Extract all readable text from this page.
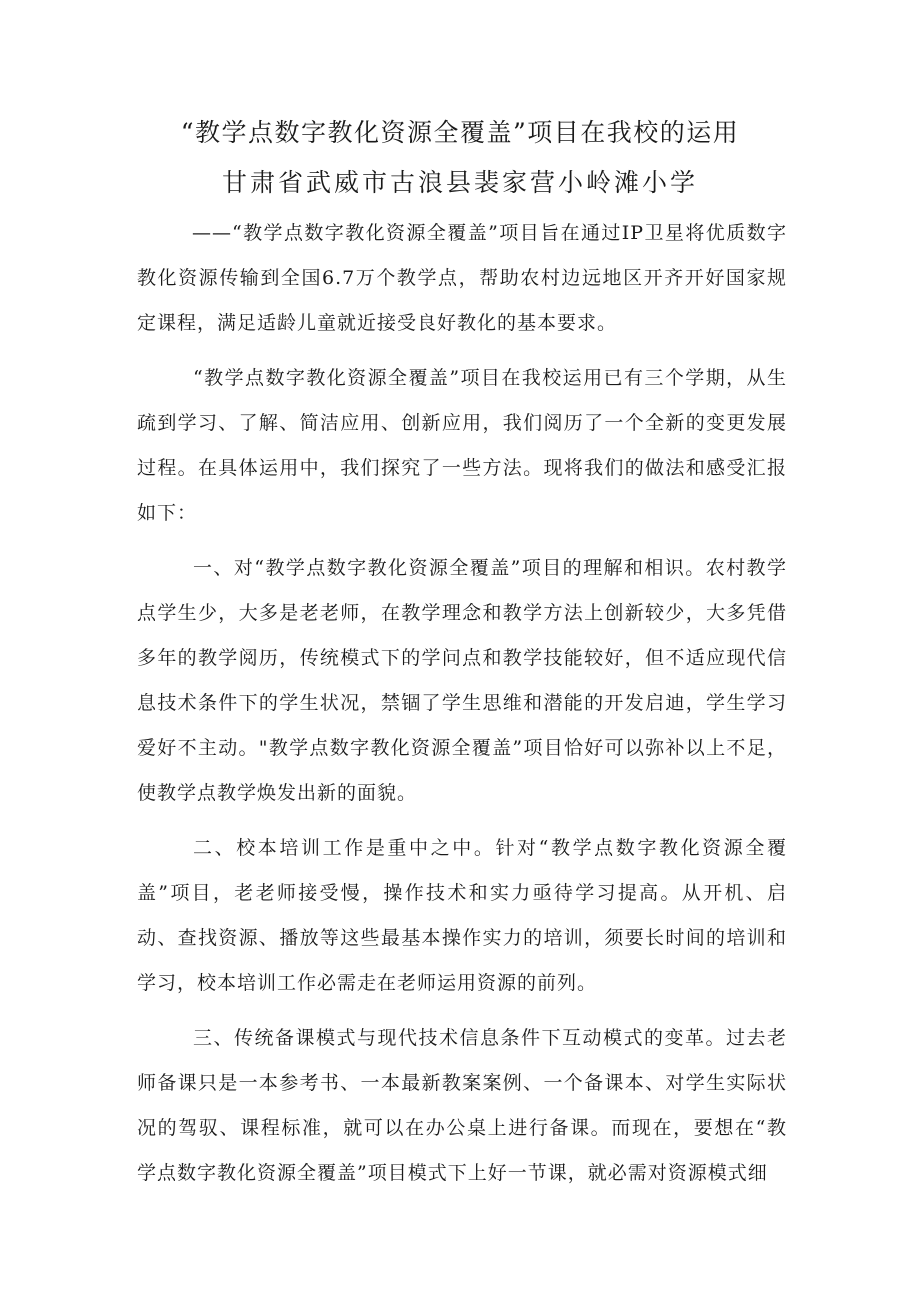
“教学点数字教化资源全覆盖”项目在我校的运用
甘肃省武威市古浪县裴家营小岭滩小学

——“教学点数字教化资源全覆盖”项目旨在通过IP卫星将优质数字教化资源传输到全国6.7万个教学点，帮助农村边远地区开齐开好国家规定课程，满足适龄儿童就近接受良好教化的基本要求。

“教学点数字教化资源全覆盖”项目在我校运用已有三个学期，从生疏到学习、了解、简洁应用、创新应用，我们阅历了一个全新的变更发展过程。在具体运用中，我们探究了一些方法。现将我们的做法和感受汇报如下：

一、对“教学点数字教化资源全覆盖”项目的理解和相识。农村教学点学生少，大多是老老师，在教学理念和教学方法上创新较少，大多凭借多年的教学阅历，传统模式下的学问点和教学技能较好，但不适应现代信息技术条件下的学生状况，禁锢了学生思维和潜能的开发启迪，学生学习爱好不主动。"教学点数字教化资源全覆盖”项目恰好可以弥补以上不足，使教学点教学焕发出新的面貌。

二、校本培训工作是重中之中。针对“教学点数字教化资源全覆盖”项目，老老师接受慢，操作技术和实力亟待学习提高。从开机、启动、查找资源、播放等这些最基本操作实力的培训，须要长时间的培训和学习，校本培训工作必需走在老师运用资源的前列。

三、传统备课模式与现代技术信息条件下互动模式的变革。过去老师备课只是一本参考书、一本最新教案案例、一个备课本、对学生实际状况的驾驭、课程标准，就可以在办公桌上进行备课。而现在，要想在“教学点数字教化资源全覆盖”项目模式下上好一节课，就必需对资源模式细
